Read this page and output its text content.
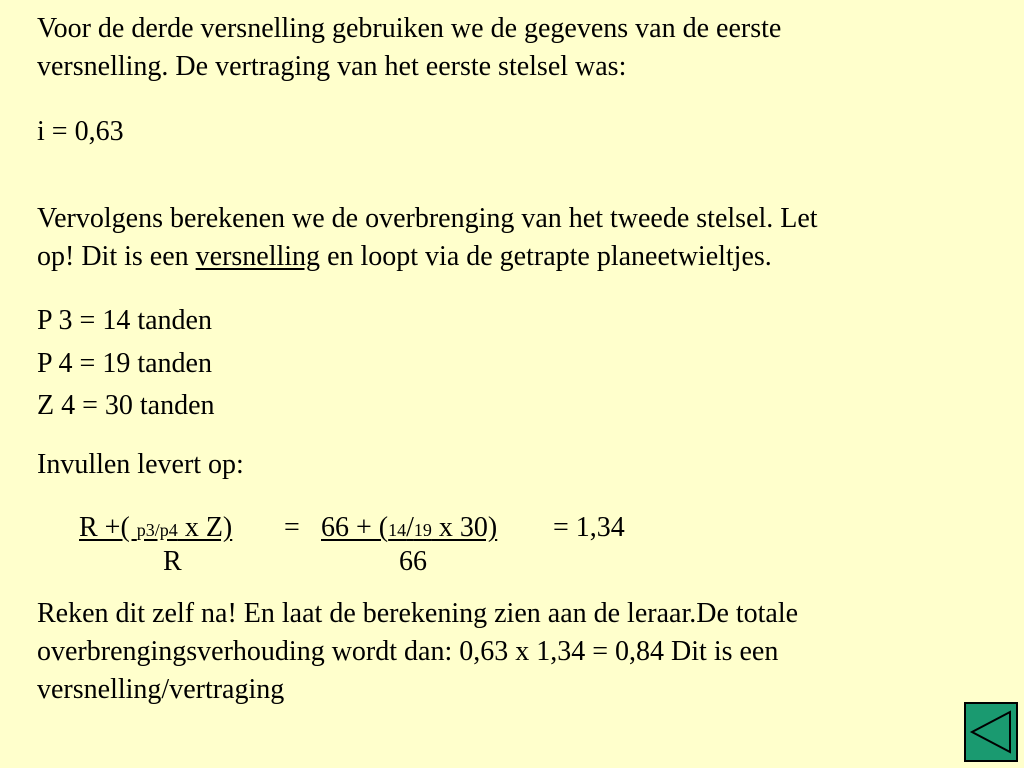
Voor de derde versnelling gebruiken we de gegevens van de eerste
versnelling. De vertraging van het eerste stelsel was:
i = 0,63
Vervolgens berekenen we de overbrenging van het tweede stelsel. Let
op! Dit is een versnelling en loopt via de getrapte planeetwieltjes.
P 3 = 14 tanden
P 4 = 19 tanden
Z 4 = 30 tanden
Invullen levert op:
R +( p3/p4 x Z) = 66 + (14/19 x 30) = 1,34
R	66
Reken dit zelf na! En laat de berekening zien aan de leraar.De totale
overbrengingsverhouding wordt dan: 0,63 x 1,34 = 0,84 Dit is een
versnelling/vertraging
